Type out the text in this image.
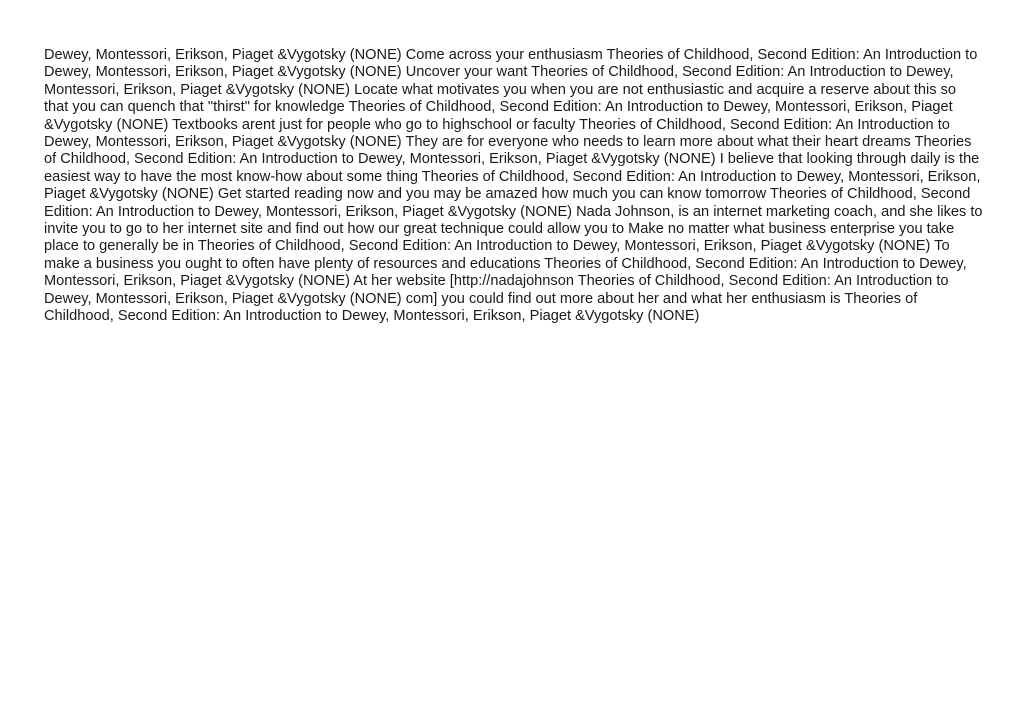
Dewey, Montessori, Erikson, Piaget &Vygotsky (NONE) Come across your enthusiasm Theories of Childhood, Second Edition: An Introduction to Dewey, Montessori, Erikson, Piaget &Vygotsky (NONE) Uncover your want Theories of Childhood, Second Edition: An Introduction to Dewey, Montessori, Erikson, Piaget &Vygotsky (NONE) Locate what motivates you when you are not enthusiastic and acquire a reserve about this so that you can quench that "thirst" for knowledge Theories of Childhood, Second Edition: An Introduction to Dewey, Montessori, Erikson, Piaget &Vygotsky (NONE) Textbooks arent just for people who go to highschool or faculty Theories of Childhood, Second Edition: An Introduction to Dewey, Montessori, Erikson, Piaget &Vygotsky (NONE) They are for everyone who needs to learn more about what their heart dreams Theories of Childhood, Second Edition: An Introduction to Dewey, Montessori, Erikson, Piaget &Vygotsky (NONE) I believe that looking through daily is the easiest way to have the most know-how about some thing Theories of Childhood, Second Edition: An Introduction to Dewey, Montessori, Erikson, Piaget &Vygotsky (NONE) Get started reading now and you may be amazed how much you can know tomorrow Theories of Childhood, Second Edition: An Introduction to Dewey, Montessori, Erikson, Piaget &Vygotsky (NONE) Nada Johnson, is an internet marketing coach, and she likes to invite you to go to her internet site and find out how our great technique could allow you to Make no matter what business enterprise you take place to generally be in Theories of Childhood, Second Edition: An Introduction to Dewey, Montessori, Erikson, Piaget &Vygotsky (NONE) To make a business you ought to often have plenty of resources and educations Theories of Childhood, Second Edition: An Introduction to Dewey, Montessori, Erikson, Piaget &Vygotsky (NONE) At her website [http://nadajohnson Theories of Childhood, Second Edition: An Introduction to Dewey, Montessori, Erikson, Piaget &Vygotsky (NONE) com] you could find out more about her and what her enthusiasm is Theories of Childhood, Second Edition: An Introduction to Dewey, Montessori, Erikson, Piaget &Vygotsky (NONE)
